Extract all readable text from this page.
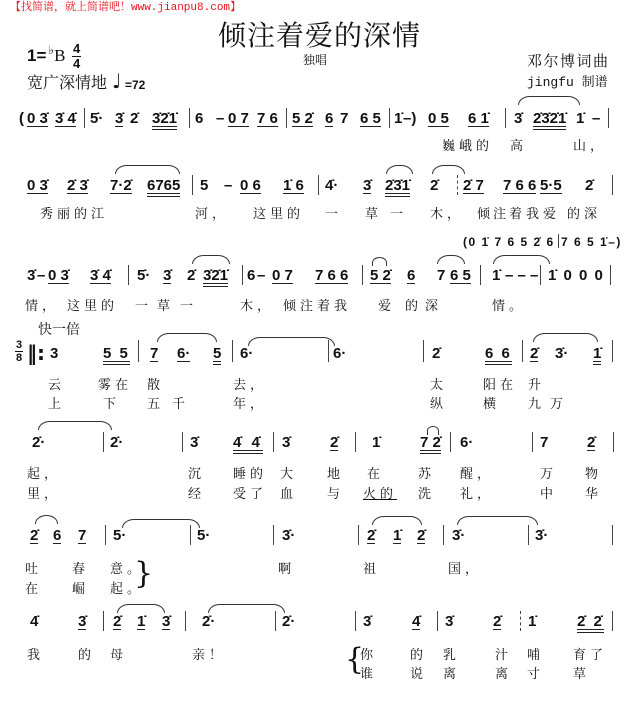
【找简谱，就上简谱吧！www.jianpu8.com】
倾注着爱的深情
独唱
$1= ^♭B \frac{4}{4}$
宽广深情地 ♩ =72
邓尔博词曲
jingfu 制谱
( 0 3̇ 3̇ 4̇ 5̇· 3̇ 2̇ 3̇2̇1̇ 6 – 0 7 7 6 5 2̇ 6 7 6 5 1̇ –) 0 5 6 1̇ 3̇ 2̇3̇2̇1̇ 1̇ –
巍峨的 高	山，
0 3̇ 2̇ 3̇ 7·2̇ 6765 5 – 0 6 1̇ 6 4̇· 3̇ 2̇3̇1̇ 2̇ 2̇ 7 7 6 6 5·5 2̇
秀丽的江	河， 这里的 一 草 一 木， 倾
注
着我爱 的深
(0 1̇ 7 6 5 2̇ 6 7 6 5 1̇–)
3̇ – 0 3̇ 3̇ 4̇ 5̇· 3̇ 2̇ 3̇2̇1̇ 6 – 0 7 7 6 6 5 2̇ 6 7 6 5 1̇ – – – 1̇ 0 0 0
情， 这里的 一 草 一	木， 倾注着我 爱 的 深	情。
快一倍
$\frac{3}{8}$ ‖: 3	5 5 7 6· 5 6·	6·	2̇	6 6 2̇ 3̇· 1̇
云	雾在 散	去，	太	阳在 升
上	下 五 千	年，	纵	横 九 万
2̇·	2̇·	3̇ 4̇ 4̇ 3̇	2̇ 1̇	7 2̇ 6·	7	2̇
起，	沉 睡的 大 地 在	苏 醒，	万 物
里，	经 受了 血 与 火的 洗 礼，	中 华
2̇ 6 7 5·	5·	3̇·	2̇ 1̇ 2̇ 3̇·	3̇·
吐 春 意。	啊	祖	国，
在 崛 起。
}
4̇	3̇ 2̇ 1̇ 3̇ 2̇·	2̇·	3̇	4̇ 3̇	2̇ 1̇	2̇ 2̇
我	的 母	亲！	你	的 乳	汁 哺 育了
谁	说 离	离 寸 草
{
